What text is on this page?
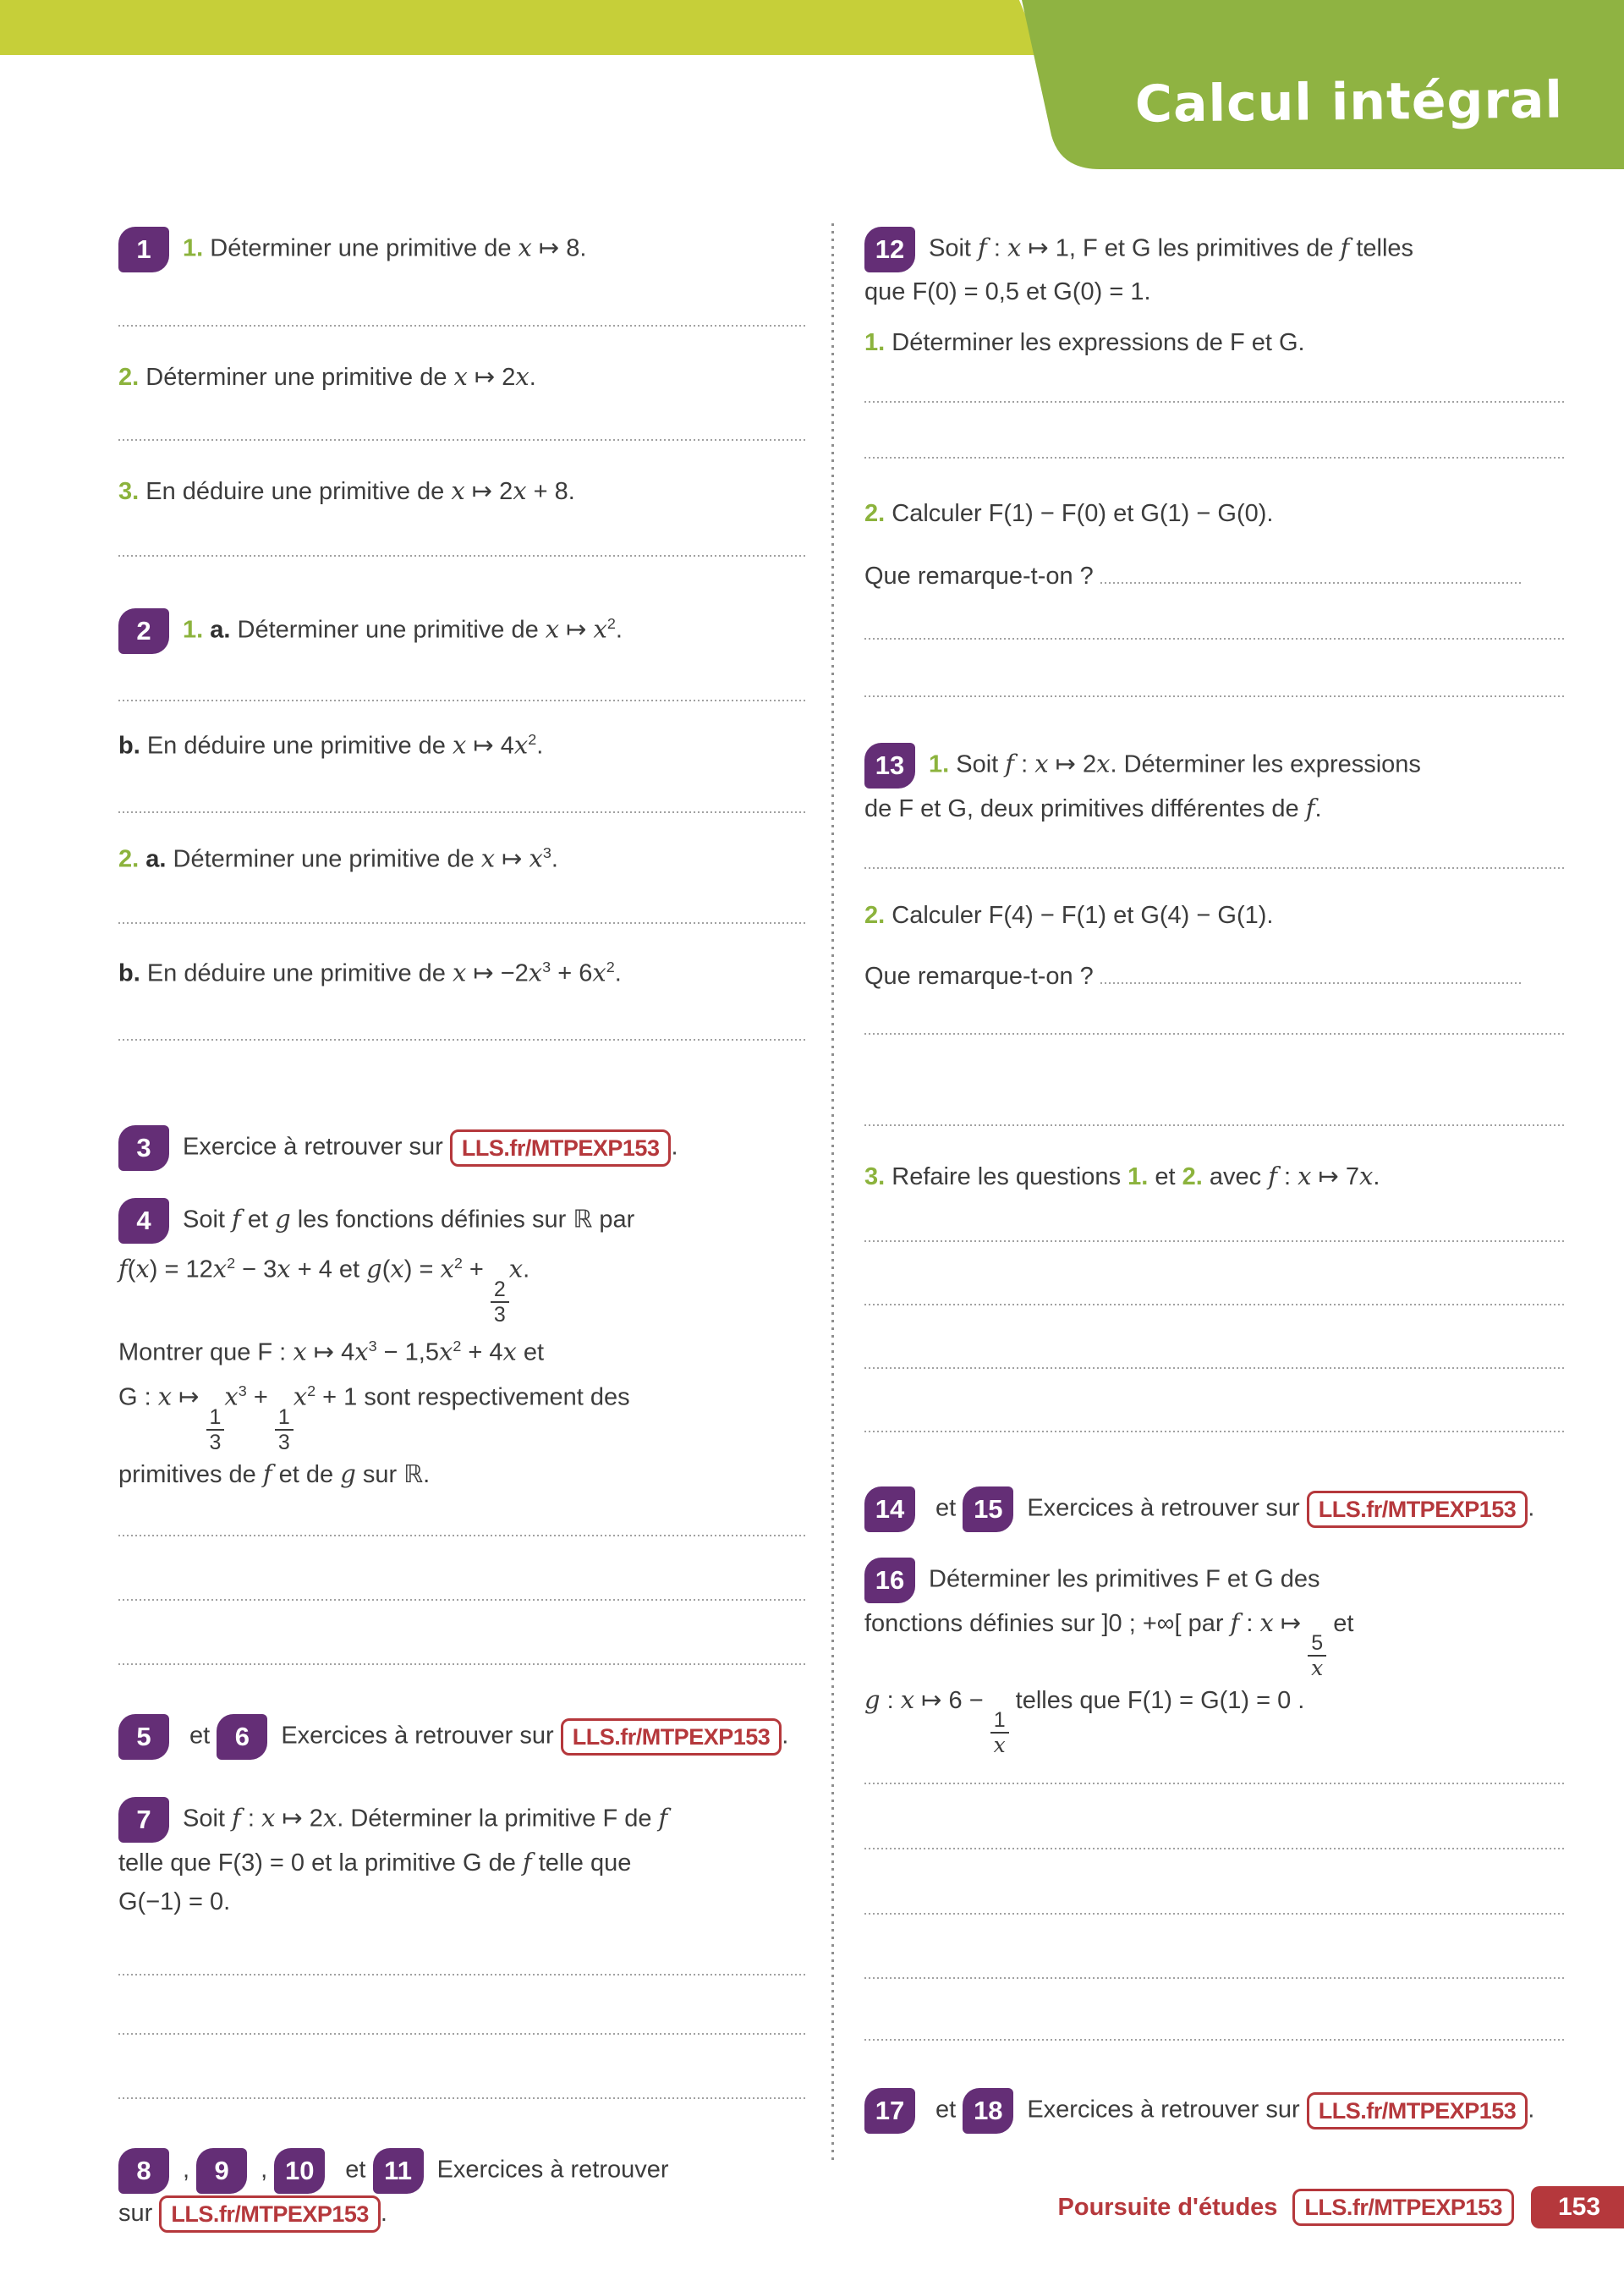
Calcul intégral
1 1. Déterminer une primitive de x ↦ 8.
2. Déterminer une primitive de x ↦ 2x.
3. En déduire une primitive de x ↦ 2x + 8.
2 1. a. Déterminer une primitive de x ↦ $x^2$.
b. En déduire une primitive de x ↦ $4x^2$.
2. a. Déterminer une primitive de x ↦ $x^3$.
b. En déduire une primitive de x ↦ $-2x^3 + 6x^2$.
3 Exercice à retrouver sur LLS.fr/MTPEXP153 .
4 Soit f et g les fonctions définies sur ℝ par
$f(x) = 12x^2 - 3x + 4$ et $g(x) = x^2$ +
$\frac{2}{3}$
x.
Montrer que F : x ↦ $4x^3 - 1,5x^2 + 4x$ et
G : x ↦
$\frac{1}{3}$
$x^3$ +
$\frac{1}{3}$
$x^2 + 1$ sont respectivement des
primitives de f et de g sur ℝ.
5 et 6 Exercices à retrouver sur LLS.fr/MTPEXP153 .
7 Soit f : x ↦ 2x. Déterminer la primitive F de f
telle que F(3) = 0 et la primitive G de f telle que
G(−1) = 0.
8 , 9 , 10 et 11 Exercices à retrouver
sur LLS.fr/MTPEXP153 .
12 Soit f : x ↦ 1, F et G les primitives de f telles
que F(0) = 0,5 et G(0) = 1.
1. Déterminer les expressions de F et G.
2. Calculer F(1) − F(0) et G(1) − G(0).
Que remarque-t-on ?
13 1. Soit f : x ↦ 2x. Déterminer les expressions
de F et G, deux primitives différentes de f.
2. Calculer F(4) − F(1) et G(4) − G(1).
Que remarque-t-on ?
3. Refaire les questions 1. et 2. avec f : x ↦ 7x.
14 et 15 Exercices à retrouver sur LLS.fr/MTPEXP153 .
16 Déterminer les primitives F et G des
fonctions définies sur ]0 ; +∞[ par f : x ↦
$\frac{5}{x}$
et
g : x ↦ 6 −
$\frac{1}{x}$
telles que F(1) = G(1) = 0 .
17 et 18 Exercices à retrouver sur LLS.fr/MTPEXP153 .
Poursuite d'études	LLS.fr/MTPEXP153	153
